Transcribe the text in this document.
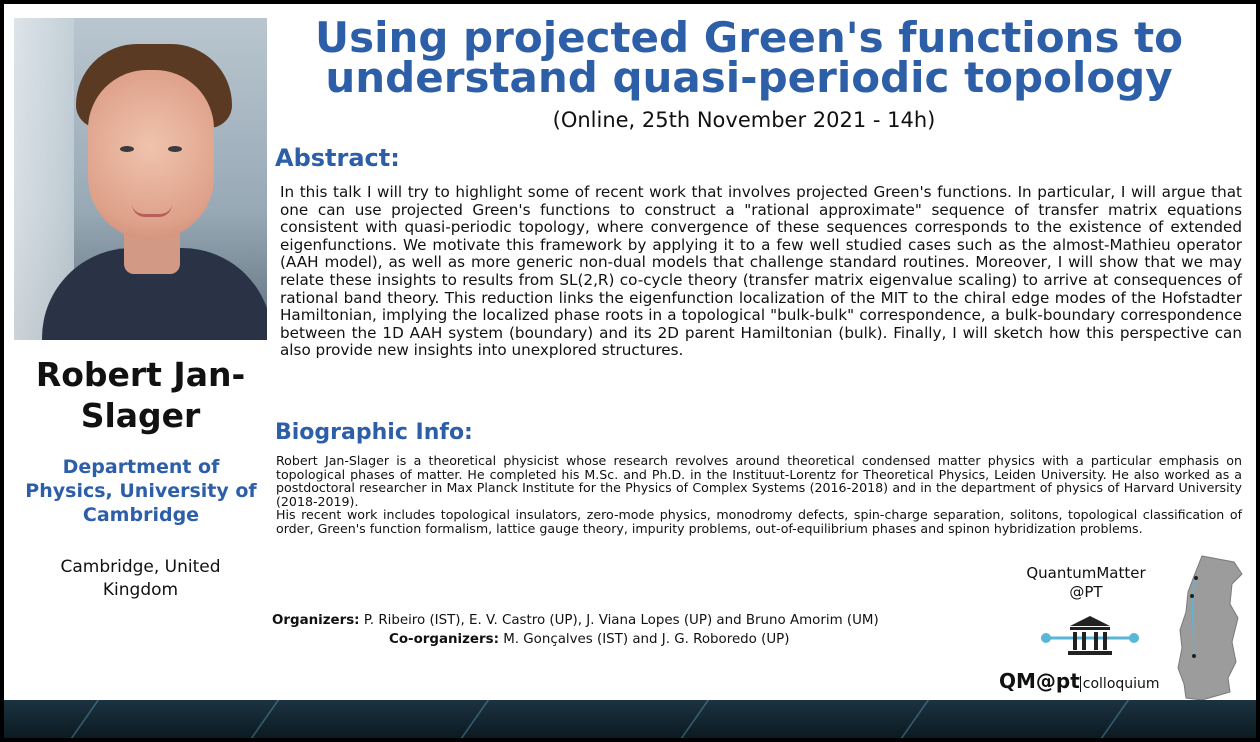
Robert Jan-
Slager
Department of
Physics, University of
Cambridge
Cambridge, United
Kingdom
Using projected Green's functions to
understand quasi-periodic topology
(Online, 25th November 2021 - 14h)
Abstract:
In this talk I will try to highlight some of recent work that involves projected Green's functions. In particular, I will argue that one can use projected Green's functions to construct a "rational approximate" sequence of transfer matrix equations consistent with quasi-periodic topology, where convergence of these sequences corresponds to the existence of extended eigenfunctions. We motivate this framework by applying it to a few well studied cases such as the almost-Mathieu operator (AAH model), as well as more generic non-dual models that challenge standard routines. Moreover, I will show that we may relate these insights to results from SL(2,R) co-cycle theory (transfer matrix eigenvalue scaling) to arrive at consequences of rational band theory. This reduction links the eigenfunction localization of the MIT to the chiral edge modes of the Hofstadter Hamiltonian, implying the localized phase roots in a topological "bulk-bulk" correspondence, a bulk-boundary correspondence between the 1D AAH system (boundary) and its 2D parent Hamiltonian (bulk). Finally, I will sketch how this perspective can also provide new insights into unexplored structures.
Biographic Info:

Robert Jan-Slager is a theoretical physicist whose research revolves around theoretical condensed matter physics with a particular emphasis on topological phases of matter. He completed his M.Sc. and Ph.D. in the Instituut-Lorentz for Theoretical Physics, Leiden University. He also worked as a postdoctoral researcher in Max Planck Institute for the Physics of Complex Systems (2016-2018) and in the department of physics of Harvard University (2018-2019).

His recent work includes topological insulators, zero-mode physics, monodromy defects, spin-charge separation, solitons, topological classification of order, Green's function formalism, lattice gauge theory, impurity problems, out-of-equilibrium phases and spinon hybridization problems.

Organizers: P. Ribeiro (IST), E. V. Castro (UP), J. Viana Lopes (UP) and Bruno Amorim (UM)
Co-organizers: M. Gonçalves (IST) and J. G. Roboredo (UP)
QuantumMatter
@PT
QM@pt colloquium
